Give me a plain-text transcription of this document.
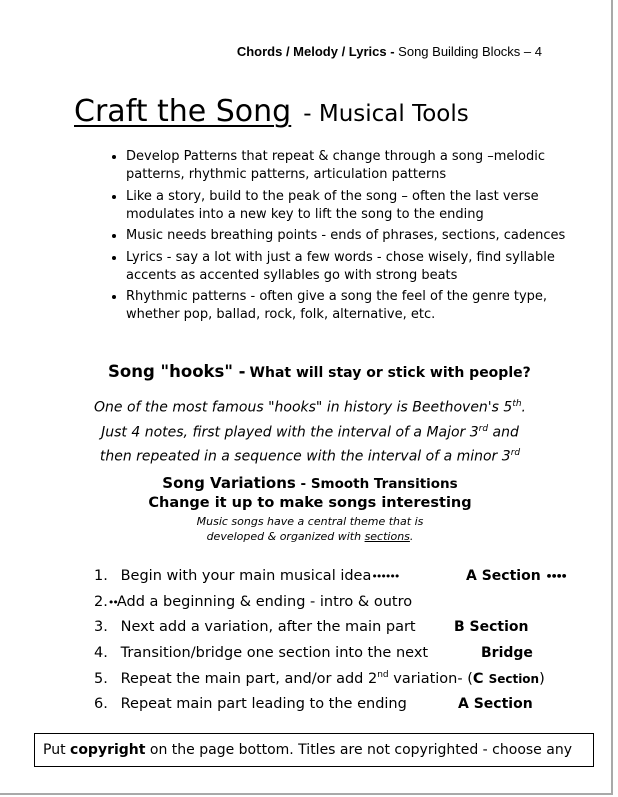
Chords / Melody / Lyrics - Song Building Blocks – 4
Craft the Song - Musical Tools
• Develop Patterns that repeat & change through a song –melodic patterns, rhythmic patterns, articulation patterns
• Like a story, build to the peak of the song – often the last verse modulates into a new key to lift the song to the ending
• Music needs breathing points - ends of phrases, sections, cadences
• Lyrics - say a lot with just a few words - chose wisely, find syllable accents as accented syllables go with strong beats
• Rhythmic patterns - often give a song the feel of the genre type, whether pop, ballad, rock, folk, alternative, etc.
Song "hooks" - What will stay or stick with people?
One of the most famous "hooks" in history is Beethoven's 5th.
Just 4 notes, first played with the interval of a Major 3rd and
then repeated in a sequence with the interval of a minor 3rd
Song Variations - Smooth Transitions
Change it up to make songs interesting
Music songs have a central theme that is
developed & organized with sections.
1. Begin with your main musical idea••••••	A Section ••••
2.••Add a beginning & ending - intro & outro
3. Next add a variation, after the main part	B Section
4. Transition/bridge one section into the next	Bridge
5. Repeat the main part, and/or add 2nd variation- (C Section)
6. Repeat main part leading to the ending	A Section
Put copyright on the page bottom. Titles are not copyrighted - choose any
